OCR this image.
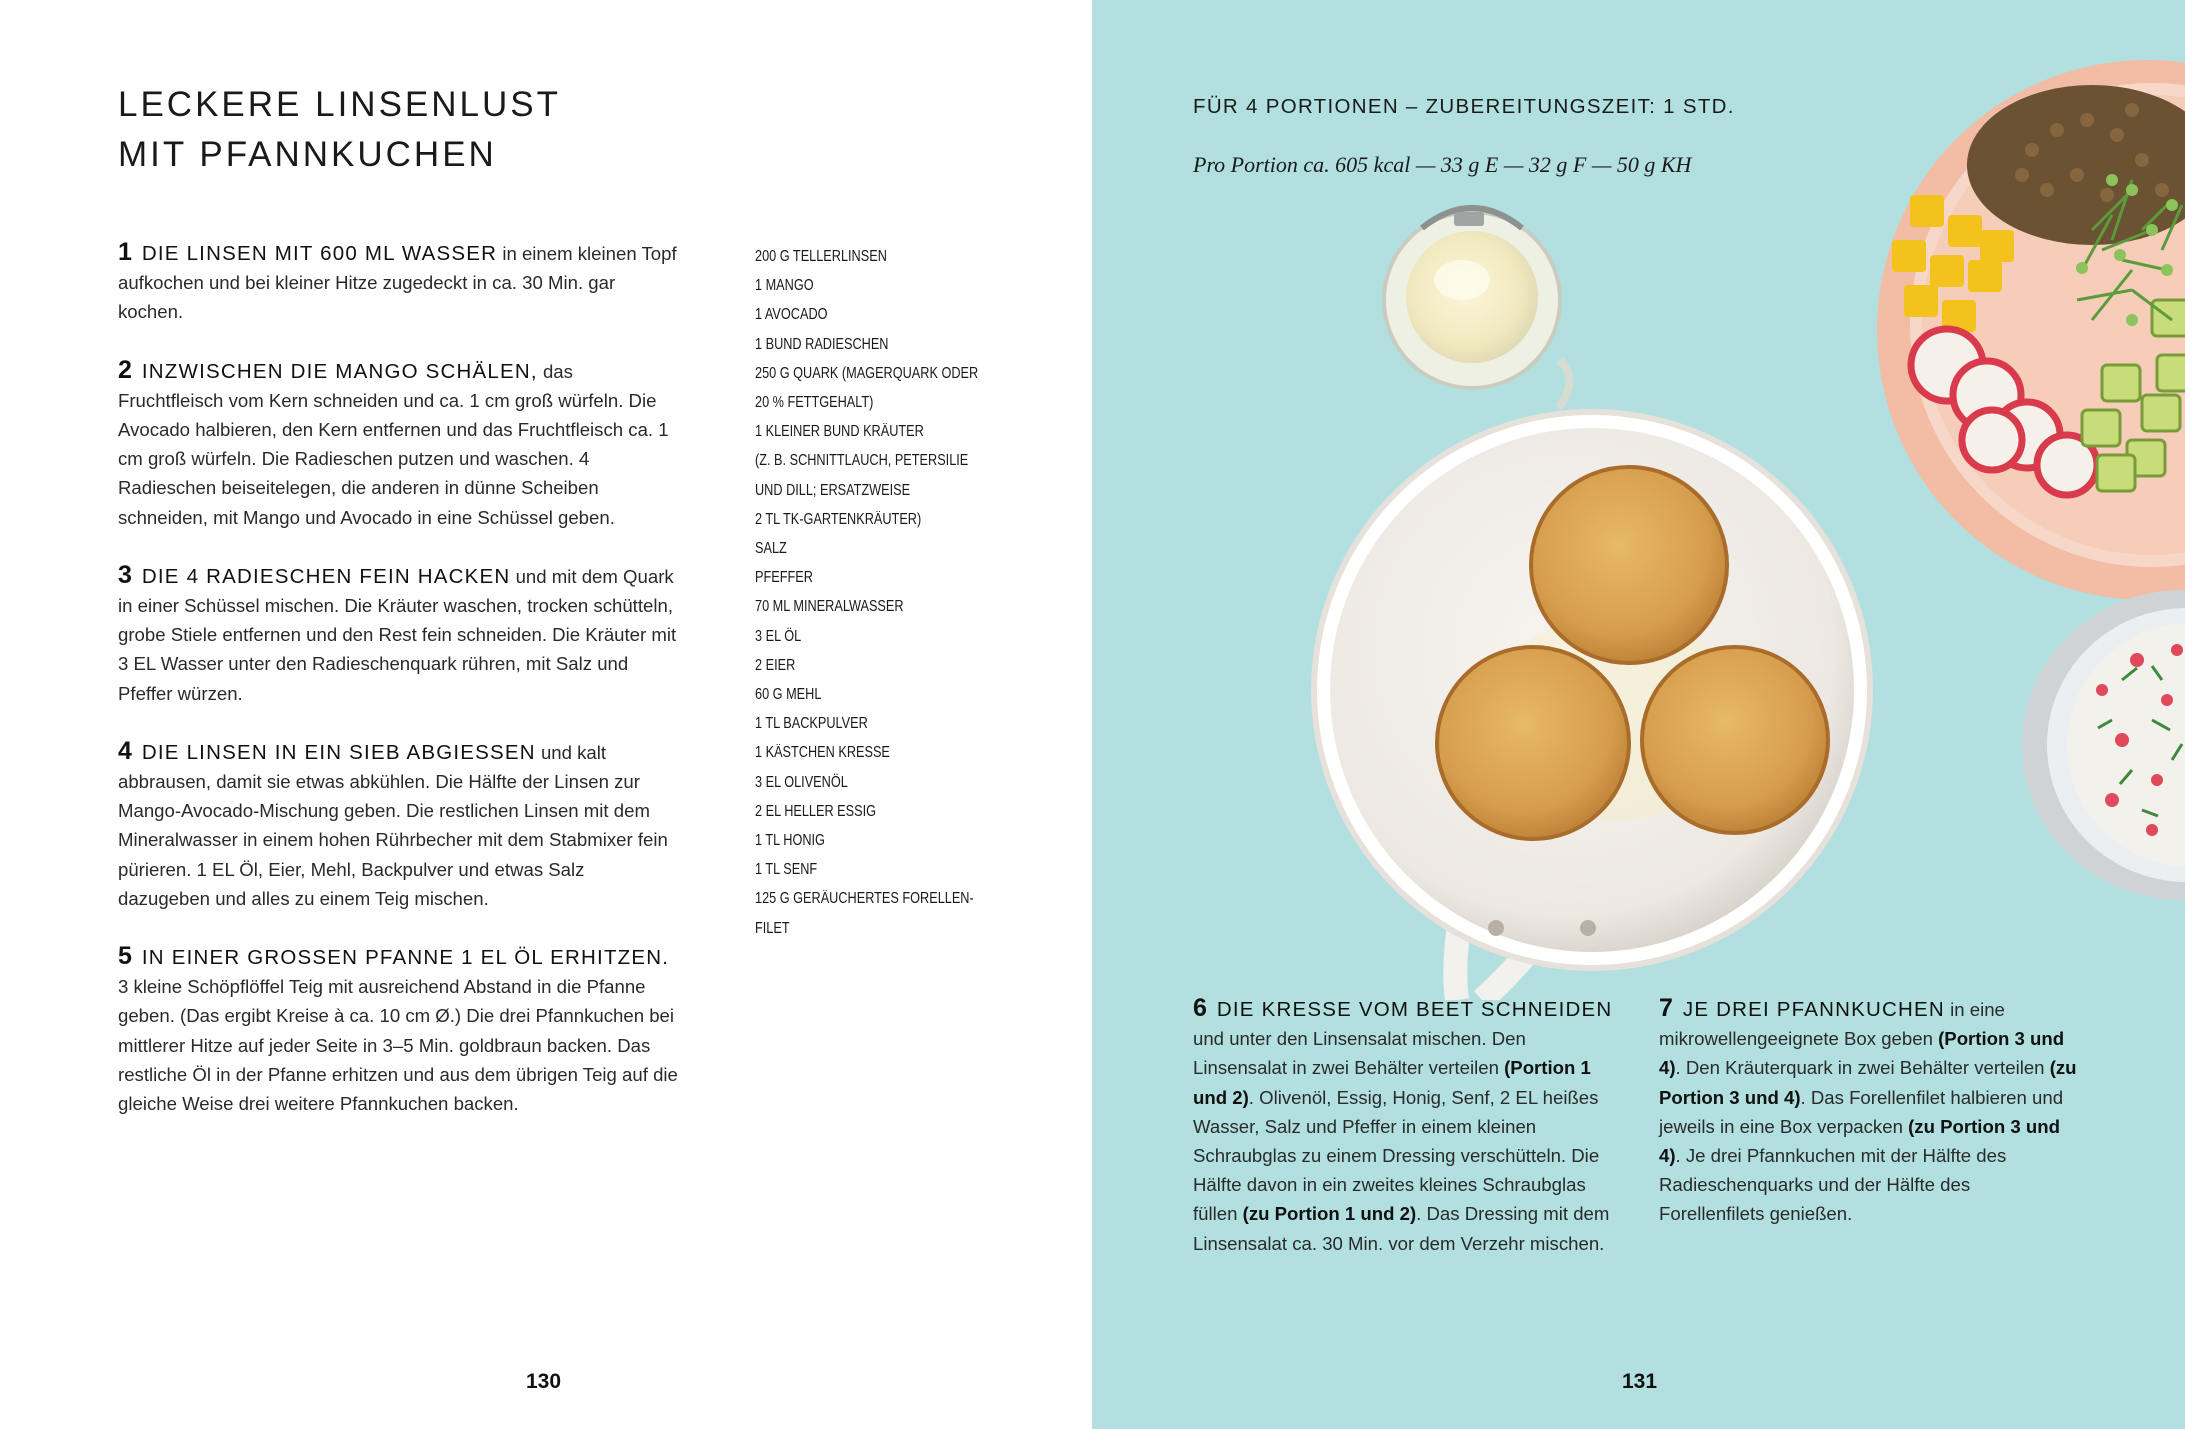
LECKERE LINSENLUST
MIT PFANNKUCHEN

1 DIE LINSEN MIT 600 ML WASSER in einem kleinen Topf aufkochen und bei kleiner Hitze zugedeckt in ca. 30 Min. gar kochen.

2 INZWISCHEN DIE MANGO SCHÄLEN, das Fruchtfleisch vom Kern schneiden und ca. 1 cm groß würfeln. Die Avocado halbieren, den Kern entfernen und das Fruchtfleisch ca. 1 cm groß würfeln. Die Radieschen putzen und waschen. 4 Radieschen beiseitelegen, die anderen in dünne Scheiben schneiden, mit Mango und Avocado in eine Schüssel geben.

3 DIE 4 RADIESCHEN FEIN HACKEN und mit dem Quark in einer Schüssel mischen. Die Kräuter waschen, trocken schütteln, grobe Stiele entfernen und den Rest fein schneiden. Die Kräuter mit 3 EL Wasser unter den Radieschenquark rühren, mit Salz und Pfeffer würzen.

4 DIE LINSEN IN EIN SIEB ABGIESSEN und kalt abbrausen, damit sie etwas abkühlen. Die Hälfte der Linsen zur Mango-Avocado-Mischung geben. Die restlichen Linsen mit dem Mineralwasser in einem hohen Rührbecher mit dem Stabmixer fein pürieren. 1 EL Öl, Eier, Mehl, Backpulver und etwas Salz dazugeben und alles zu einem Teig mischen.

5 IN EINER GROSSEN PFANNE 1 EL ÖL ERHITZEN. 3 kleine Schöpflöffel Teig mit ausreichend Abstand in die Pfanne geben. (Das ergibt Kreise à ca. 10 cm Ø.) Die drei Pfannkuchen bei mittlerer Hitze auf jeder Seite in 3–5 Min. goldbraun backen. Das restliche Öl in der Pfanne erhitzen und aus dem übrigen Teig auf die gleiche Weise drei weitere Pfannkuchen backen.

200 G TELLERLINSEN
1 MANGO
1 AVOCADO
1 BUND RADIESCHEN
250 G QUARK (MAGERQUARK ODER
20 % FETTGEHALT)
1 KLEINER BUND KRÄUTER
(Z. B. SCHNITTLAUCH, PETERSILIE
UND DILL; ERSATZWEISE
2 TL TK-GARTENKRÄUTER)
SALZ
PFEFFER
70 ML MINERALWASSER
3 EL ÖL
2 EIER
60 G MEHL
1 TL BACKPULVER
1 KÄSTCHEN KRESSE
3 EL OLIVENÖL
2 EL HELLER ESSIG
1 TL HONIG
1 TL SENF
125 G GERÄUCHERTES FORELLEN-
FILET
130

FÜR 4 PORTIONEN – ZUBEREITUNGSZEIT: 1 STD.

Pro Portion ca. 605 kcal — 33 g E — 32 g F — 50 g KH

6 DIE KRESSE VOM BEET SCHNEIDEN und unter den Linsensalat mischen. Den Linsensalat in zwei Behälter verteilen (Portion 1 und 2). Olivenöl, Essig, Honig, Senf, 2 EL heißes Wasser, Salz und Pfeffer in einem kleinen Schraubglas zu einem Dressing verschütteln. Die Hälfte davon in ein zweites kleines Schraubglas füllen (zu Portion 1 und 2). Das Dressing mit dem Linsensalat ca. 30 Min. vor dem Verzehr mischen.

7 JE DREI PFANNKUCHEN in eine mikrowellengeeignete Box geben (Portion 3 und 4). Den Kräuterquark in zwei Behälter verteilen (zu Portion 3 und 4). Das Forellenfilet halbieren und jeweils in eine Box verpacken (zu Portion 3 und 4). Je drei Pfannkuchen mit der Hälfte des Radieschenquarks und der Hälfte des Forellenfilets genießen.

131
